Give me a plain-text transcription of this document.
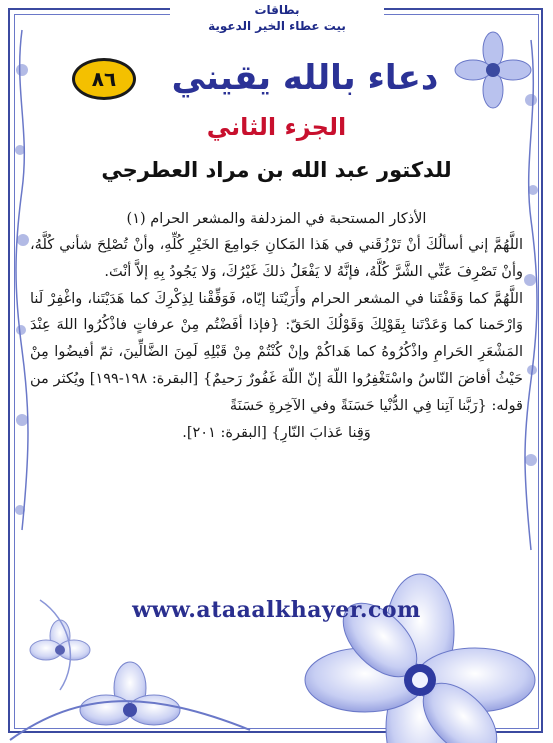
بطاقات
بيت عطاء الخير الدعوية
٨٦	دعاء بالله يقيني
الجزء الثاني
للدكتور عبد الله بن مراد العطرجي
الأذكار المستحبة في المزدلفة والمشعر الحرام (١)

اللَّهُمَّ إني أسألُكَ أنْ تَرْزُقَني في هَذا المَكانِ جَوامِعَ الخَيْرِ كُلِّهِ، وأنْ تُصْلِحَ شأني كُلَّهُ، وأنْ تَصْرِفَ عَنِّي الشَّرَّ كُلَّهُ، فإنَّهُ لا يَفْعَلُ ذلكَ غَيْرُكَ، وَلا يَجُودُ بِهِ إلاَّ أنْتَ.

اللَّهُمَّ كما وَقَفْتَنا في المشعر الحرام وأَرَيْتَنا إيّاه، فَوَفِّقْنا لِذِكْرِكَ كما هَدَيْتَنا، واغْفِرْ لَنا وَارْحَمنا كما وَعَدْتَنا بِقَوْلِكَ وَقَوْلُكَ الحَقّ: {فإذا أفَضْتُم مِنْ عرفاتٍ فاذْكُرُوا اللهَ عِنْدَ المَشْعَرِ الحَرامِ واذْكُرُوهُ كما هَداكُمْ وإنْ كُنْتُمْ مِنْ قَبْلِهِ لَمِنَ الضَّالِّينَ، ثمّ أفيضُوا مِنْ حَيْثُ أفاضَ النّاسُ واسْتَغْفِرُوا اللّهَ إنّ اللّهَ غَفُورٌ رَحيمٌ} [البقرة: ١٩٨-١٩٩] ويُكثر من قوله: {رَبَّنا آتِنا فِي الدُّنْيا حَسَنَةً وفي الآخِرةِ حَسَنَةً

وَقِنا عَذابَ النّارِ} [البقرة: ٢٠١].

www.ataaalkhayer.com
